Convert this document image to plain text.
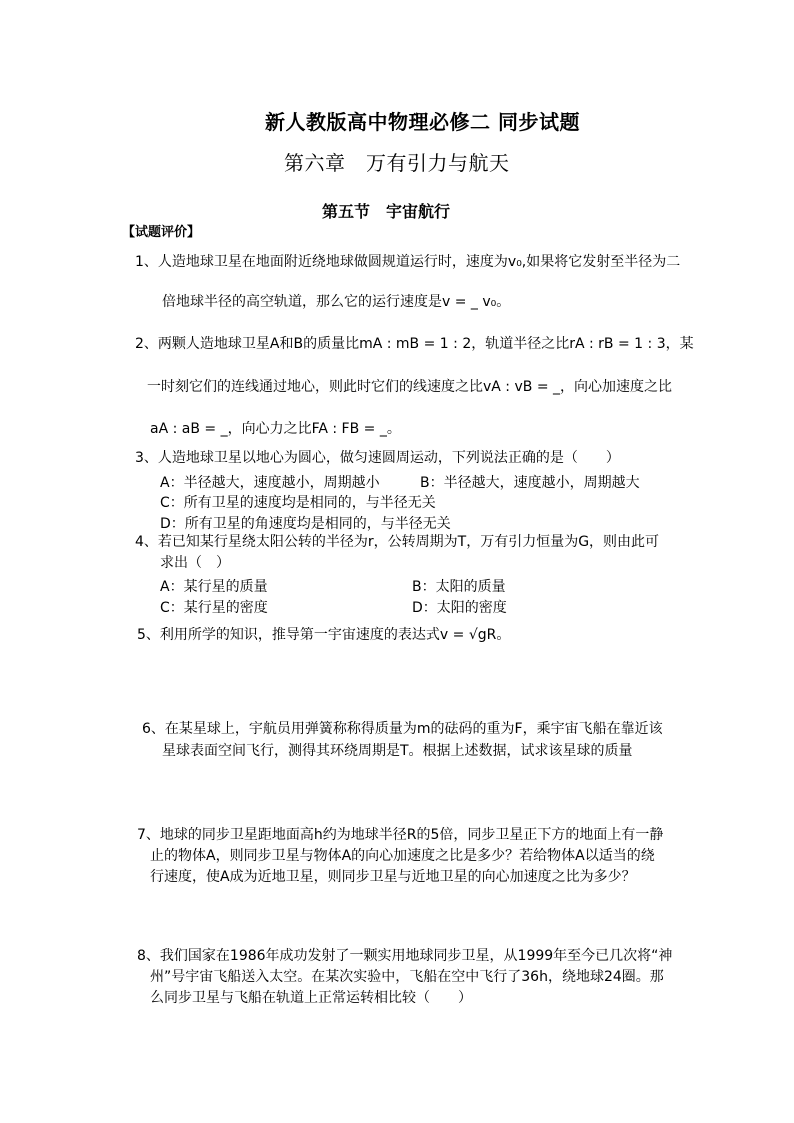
新人教版高中物理必修二 同步试题
第六章　万有引力与航天
第五节　宇宙航行
【试题评价】
1、人造地球卫星在地面附近绕地球做圆规道运行时，速度为v₀,如果将它发射至半径为二
倍地球半径的高空轨道，那么它的运行速度是v = _ v₀。
2、两颗人造地球卫星A和B的质量比mA : mB = 1 : 2，轨道半径之比rA : rB = 1 : 3，某
一时刻它们的连线通过地心，则此时它们的线速度之比vA : vB = _，向心加速度之比
aA : aB = _，向心力之比FA : FB = _。
3、人造地球卫星以地心为圆心，做匀速圆周运动，下列说法正确的是（　　）
A：半径越大，速度越小，周期越小	B：半径越大，速度越小，周期越大
C：所有卫星的速度均是相同的，与半径无关
D：所有卫星的角速度均是相同的，与半径无关
4、若已知某行星绕太阳公转的半径为r，公转周期为T，万有引力恒量为G，则由此可
求出（　）
A：某行星的质量	B：太阳的质量
C：某行星的密度	D：太阳的密度
5、利用所学的知识，推导第一宇宙速度的表达式v = √gR。
6、在某星球上，宇航员用弹簧称称得质量为m的砝码的重为F，乘宇宙飞船在靠近该
星球表面空间飞行，测得其环绕周期是T。根据上述数据，试求该星球的质量
7、地球的同步卫星距地面高h约为地球半径R的5倍，同步卫星正下方的地面上有一静
止的物体A，则同步卫星与物体A的向心加速度之比是多少？若给物体A以适当的绕
行速度，使A成为近地卫星，则同步卫星与近地卫星的向心加速度之比为多少？
8、我们国家在1986年成功发射了一颗实用地球同步卫星，从1999年至今已几次将“神
州”号宇宙飞船送入太空。在某次实验中，飞船在空中飞行了36h，绕地球24圈。那
么同步卫星与飞船在轨道上正常运转相比较（　　）
